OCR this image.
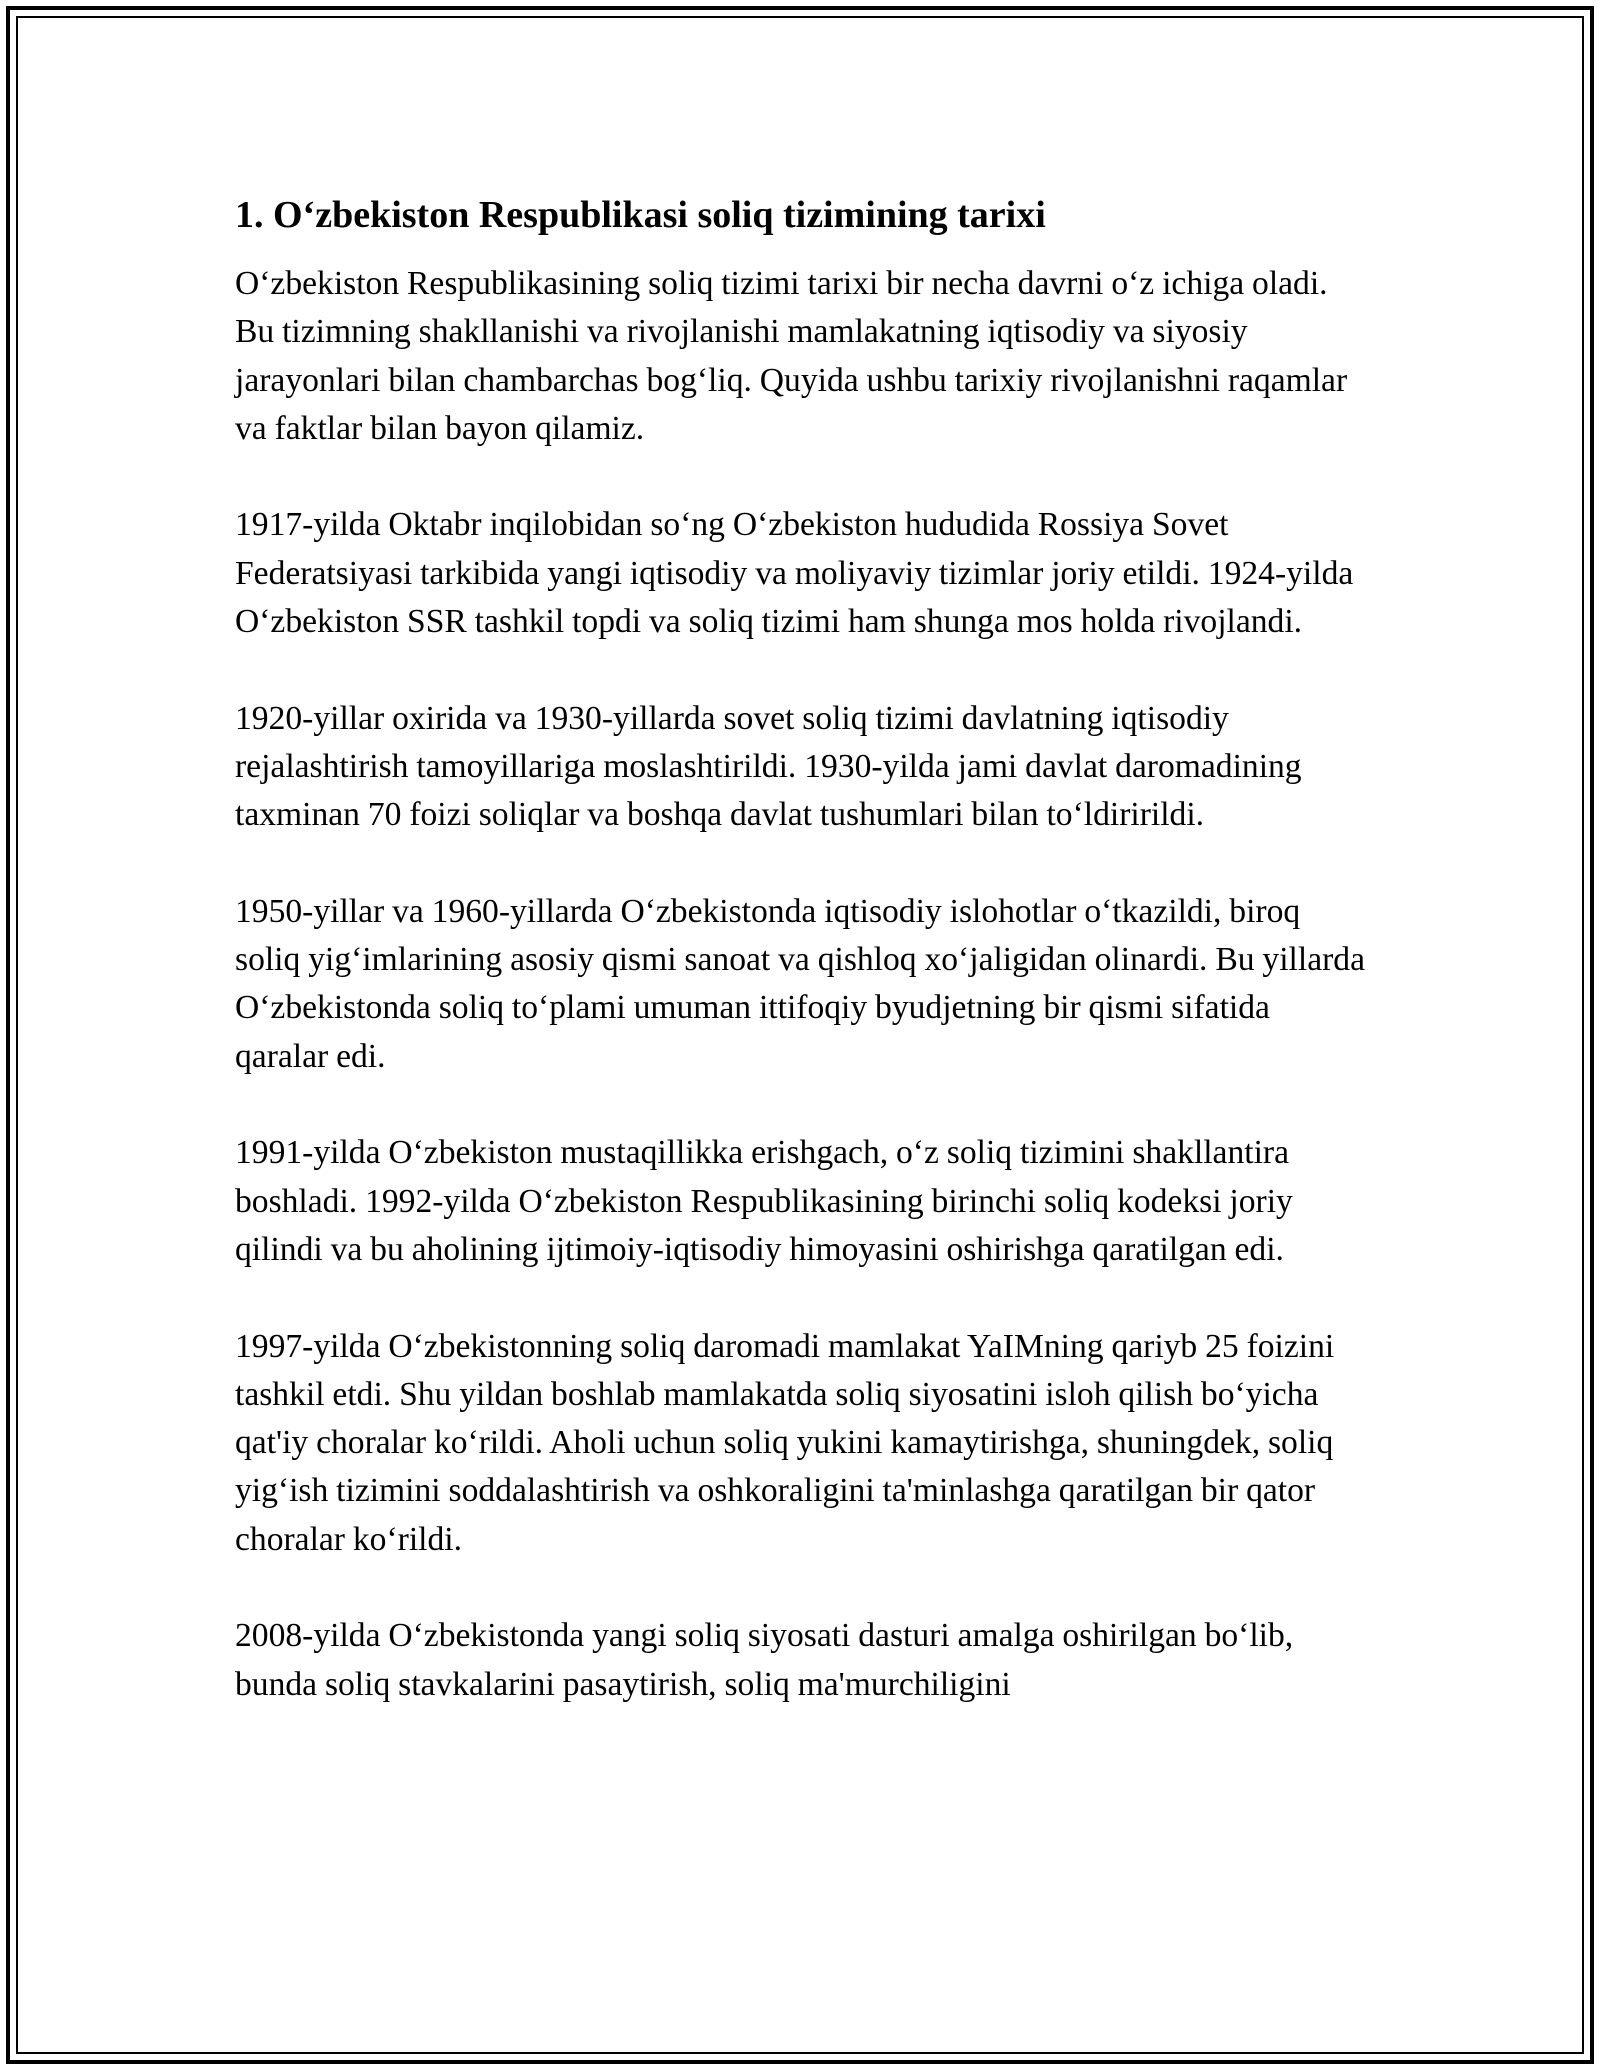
1. O‘zbekiston Respublikasi soliq tizimining tarixi

O‘zbekiston Respublikasining soliq tizimi tarixi bir necha davrni o‘z ichiga oladi. Bu tizimning shakllanishi va rivojlanishi mamlakatning iqtisodiy va siyosiy jarayonlari bilan chambarchas bog‘liq. Quyida ushbu tarixiy rivojlanishni raqamlar va faktlar bilan bayon qilamiz.

1917-yilda Oktabr inqilobidan so‘ng O‘zbekiston hududida Rossiya Sovet Federatsiyasi tarkibida yangi iqtisodiy va moliyaviy tizimlar joriy etildi. 1924-yilda O‘zbekiston SSR tashkil topdi va soliq tizimi ham shunga mos holda rivojlandi.

1920-yillar oxirida va 1930-yillarda sovet soliq tizimi davlatning iqtisodiy rejalashtirish tamoyillariga moslashtirildi. 1930-yilda jami davlat daromadining taxminan 70 foizi soliqlar va boshqa davlat tushumlari bilan to‘ldiririldi.

1950-yillar va 1960-yillarda O‘zbekistonda iqtisodiy islohotlar o‘tkazildi, biroq soliq yig‘imlarining asosiy qismi sanoat va qishloq xo‘jaligidan olinardi. Bu yillarda O‘zbekistonda soliq to‘plami umuman ittifoqiy byudjetning bir qismi sifatida qaralar edi.

1991-yilda O‘zbekiston mustaqillikka erishgach, o‘z soliq tizimini shakllantira boshladi. 1992-yilda O‘zbekiston Respublikasining birinchi soliq kodeksi joriy qilindi va bu aholining ijtimoiy-iqtisodiy himoyasini oshirishga qaratilgan edi.

1997-yilda O‘zbekistonning soliq daromadi mamlakat YaIMning qariyb 25 foizini tashkil etdi. Shu yildan boshlab mamlakatda soliq siyosatini isloh qilish bo‘yicha qat'iy choralar ko‘rildi. Aholi uchun soliq yukini kamaytirishga, shuningdek, soliq yig‘ish tizimini soddalashtirish va oshkoraligini ta'minlashga qaratilgan bir qator choralar ko‘rildi.

2008-yilda O‘zbekistonda yangi soliq siyosati dasturi amalga oshirilgan bo‘lib, bunda soliq stavkalarini pasaytirish, soliq ma'murchiligini
